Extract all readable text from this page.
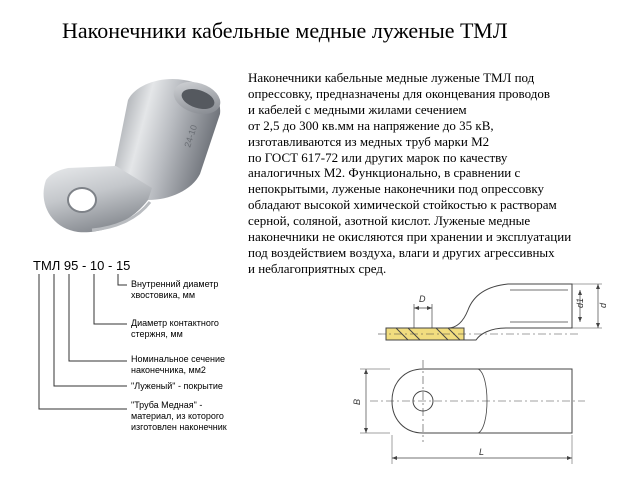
Наконечники кабельные медные луженые ТМЛ
Наконечники кабельные медные луженые ТМЛ под
опрессовку, предназначены для оконцевания проводов
и кабелей с медными жилами сечением
от 2,5 до 300 кв.мм на напряжение до 35 кВ,
изготавливаются из медных труб марки М2
по ГОСТ 617-72 или других марок по качеству
аналогичных М2. Функционально, в сравнении с
непокрытыми, луженые наконечники под опрессовку
обладают высокой химической стойкостью к растворам
серной, соляной, азотной кислот. Луженые медные
наконечники не окисляются при хранении и эксплуатации
под воздействием воздуха, влаги и других агрессивных
и неблагоприятных сред.
24-10
ТМЛ 95 - 10 - 15
Внутренний диаметр
хвостовика, мм
Диаметр контактного
стержня, мм
Номинальное сечение
наконечника, мм2
"Луженый" - покрытие
"Труба Медная" -
материал, из которого
изготовлен наконечник
D	d1 d
B
L
